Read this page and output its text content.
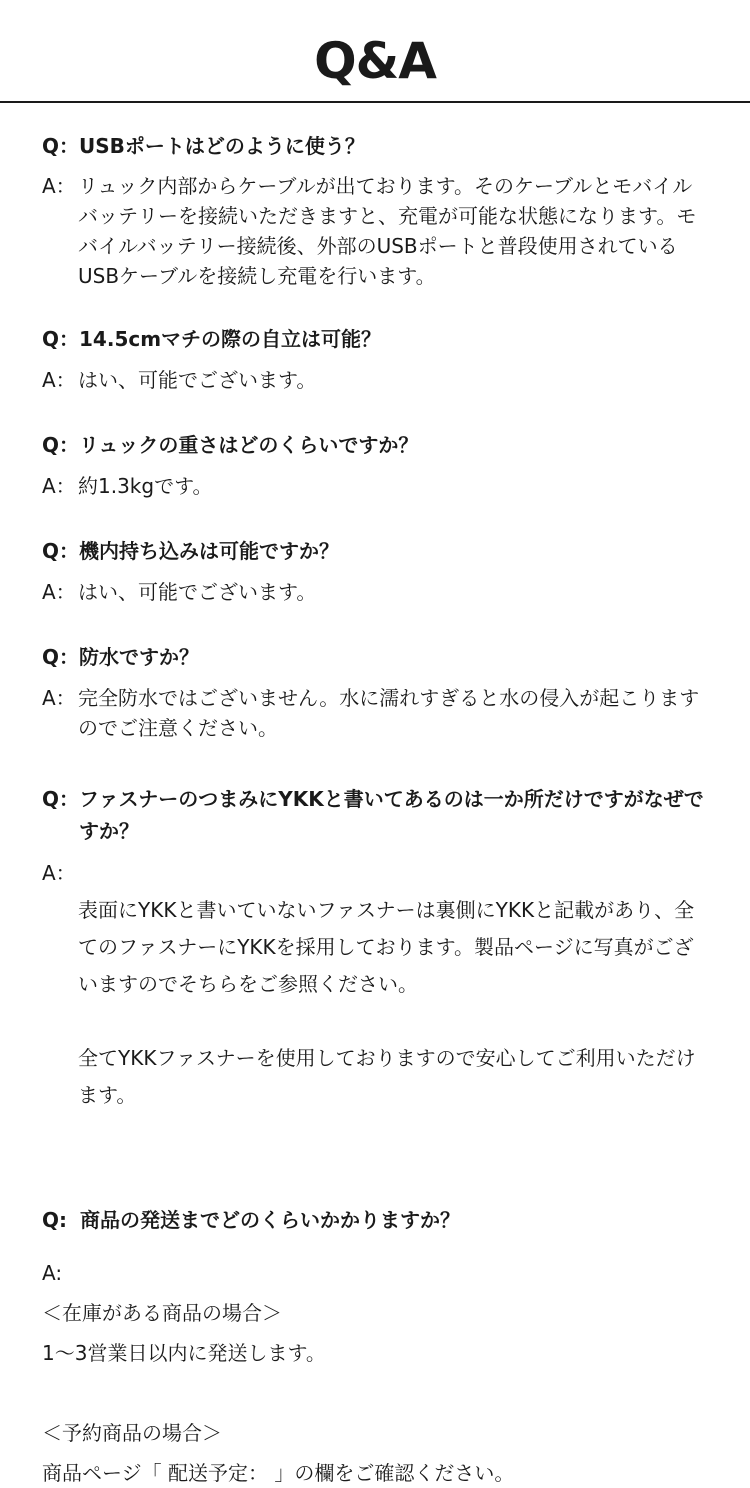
Q&A
Q： USBポートはどのように使う？
A： リュック内部からケーブルが出ております。そのケーブルとモバイルバッテリーを接続いただきますと、充電が可能な状態になります。モバイルバッテリー接続後、外部のUSBポートと普段使用されているUSBケーブルを接続し充電を行います。
Q： 14.5cmマチの際の自立は可能？
A： はい、可能でございます。
Q： リュックの重さはどのくらいですか？
A： 約1.3kgです。
Q： 機内持ち込みは可能ですか？
A： はい、可能でございます。
Q： 防水ですか？
A： 完全防水ではございません。水に濡れすぎると水の侵入が起こりますのでご注意ください。
Q： ファスナーのつまみにYKKと書いてあるのは一か所だけですがなぜですか？
A：

表面にYKKと書いていないファスナーは裏側にYKKと記載があり、全てのファスナーにYKKを採用しております。製品ページに写真がございますのでそちらをご参照ください。

全てYKKファスナーを使用しておりますので安心してご利用いただけます。

Q: 商品の発送までどのくらいかかりますか？

A:

＜在庫がある商品の場合＞

1〜3営業日以内に発送します。

＜予約商品の場合＞

商品ページ「 配送予定： 」の欄をご確認ください。
